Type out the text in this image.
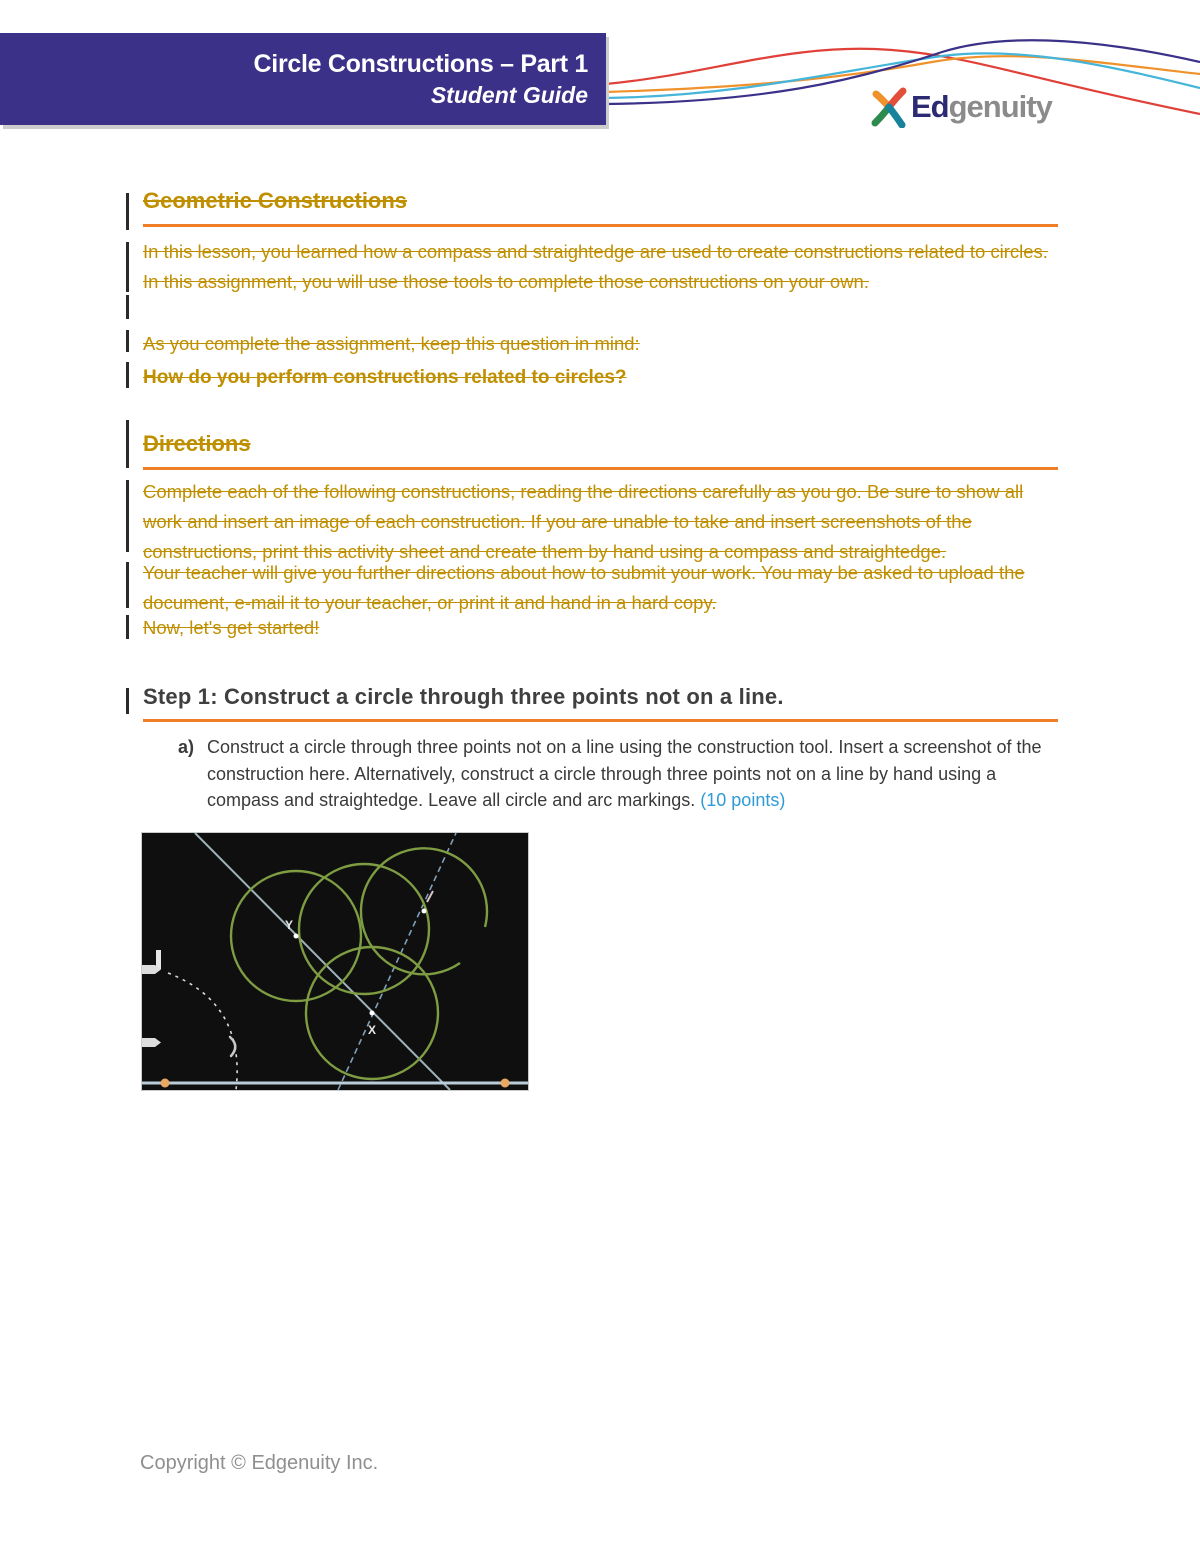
Circle Constructions – Part 1
Student Guide	Edgenuity
Geometric Constructions
In this lesson, you learned how a compass and straightedge are used to create constructions related to circles. In this assignment, you will use those tools to complete those constructions on your own.
As you complete the assignment, keep this question in mind:
How do you perform constructions related to circles?
Directions
Complete each of the following constructions, reading the directions carefully as you go. Be sure to show all work and insert an image of each construction. If you are unable to take and insert screenshots of the constructions, print this activity sheet and create them by hand using a compass and straightedge.
Your teacher will give you further directions about how to submit your work. You may be asked to upload the document, e-mail it to your teacher, or print it and hand in a hard copy.
Now, let's get started!
Step 1: Construct a circle through three points not on a line.
a) Construct a circle through three points not on a line using the construction tool. Insert a screenshot of the construction here. Alternatively, construct a circle through three points not on a line by hand using a compass and straightedge. Leave all circle and arc markings. (10 points)
Y
X
Copyright © Edgenuity Inc.
